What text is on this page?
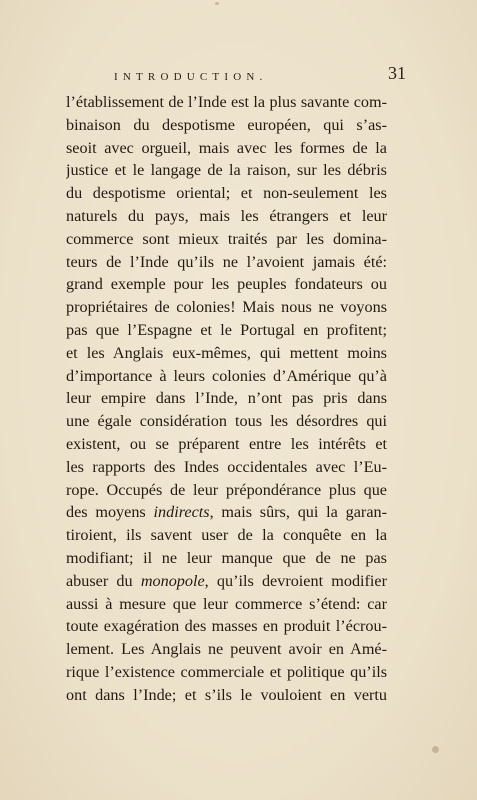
INTRODUCTION.	31
l’établissement de l’Inde est la plus savante com-
binaison du despotisme européen, qui s’as-
seoit avec orgueil, mais avec les formes de la
justice et le langage de la raison, sur les débris
du despotisme oriental; et non-seulement les
naturels du pays, mais les étrangers et leur
commerce sont mieux traités par les domina-
teurs de l’Inde qu’ils ne l’avoient jamais été:
grand exemple pour les peuples fondateurs ou
propriétaires de colonies! Mais nous ne voyons
pas que l’Espagne et le Portugal en profitent;
et les Anglais eux-mêmes, qui mettent moins
d’importance à leurs colonies d’Amérique qu’à
leur empire dans l’Inde, n’ont pas pris dans
une égale considération tous les désordres qui
existent, ou se préparent entre les intérêts et
les rapports des Indes occidentales avec l’Eu-
rope. Occupés de leur prépondérance plus que
des moyens indirects, mais sûrs, qui la garan-
tiroient, ils savent user de la conquête en la
modifiant; il ne leur manque que de ne pas
abuser du monopole, qu’ils devroient modifier
aussi à mesure que leur commerce s’étend: car
toute exagération des masses en produit l’écrou-
lement. Les Anglais ne peuvent avoir en Amé-
rique l’existence commerciale et politique qu’ils
ont dans l’Inde; et s’ils le vouloient en vertu
